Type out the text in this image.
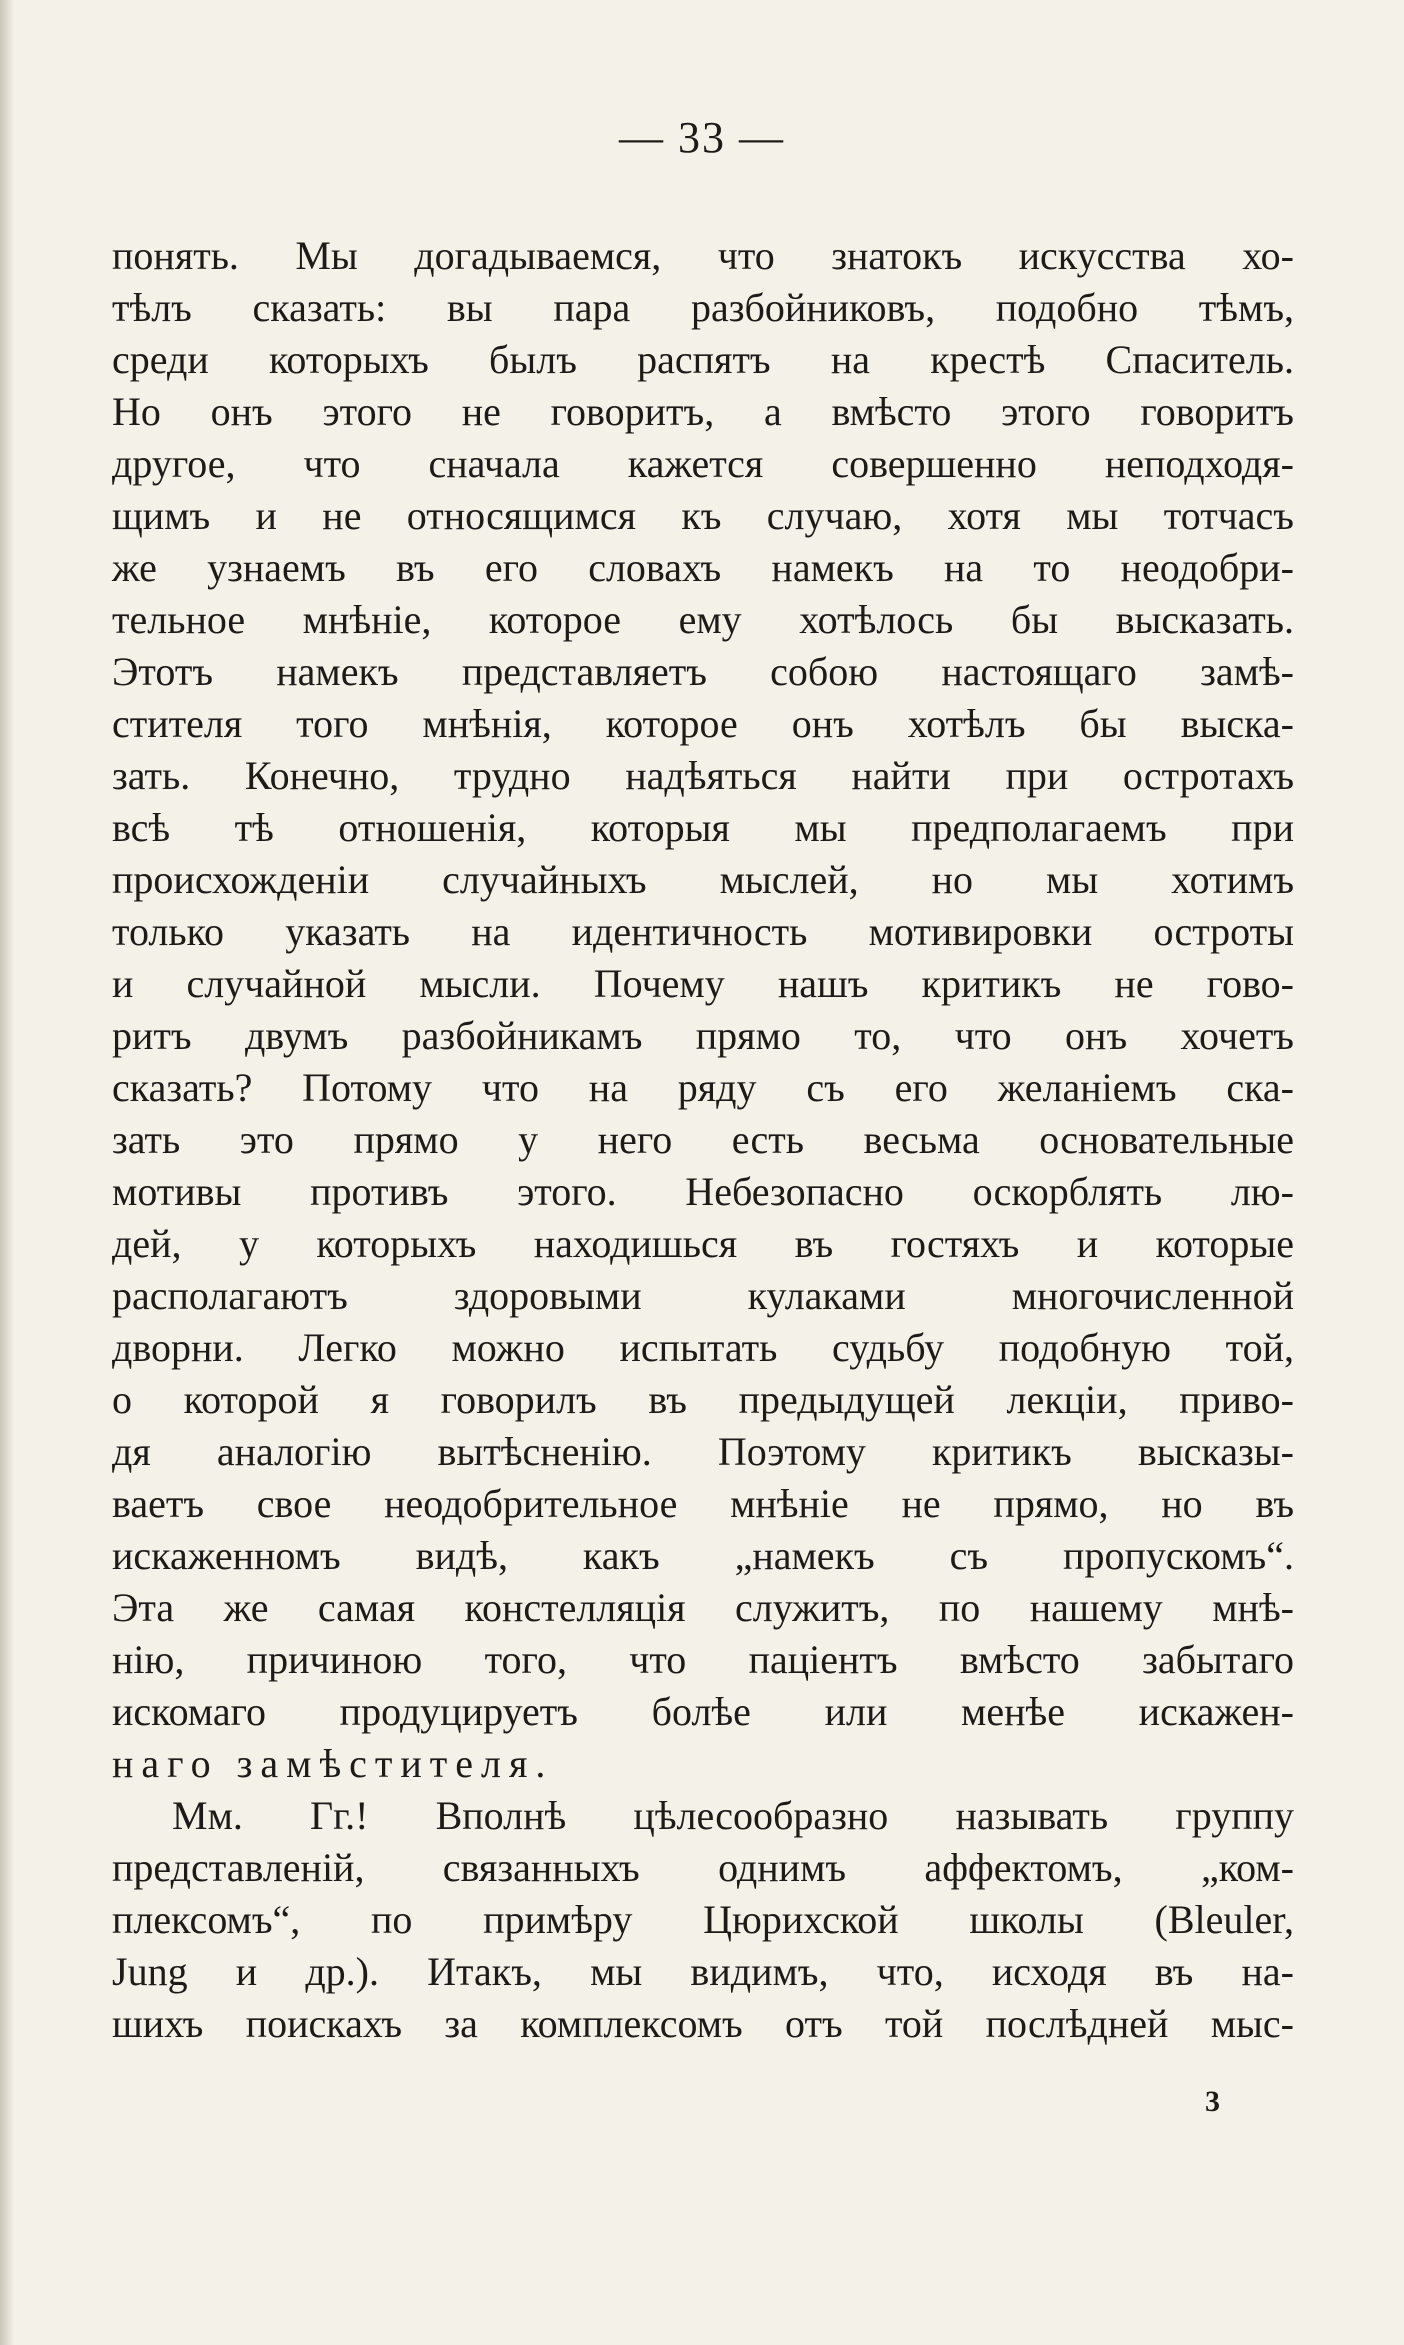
— 33 —
понять. Мы догадываемся, что знатокъ искусства хо-
тѣлъ сказать: вы пара разбойниковъ, подобно тѣмъ,
среди которыхъ былъ распятъ на крестѣ Спаситель.
Но онъ этого не говоритъ, а вмѣсто этого говоритъ
другое, что сначала кажется совершенно неподходя-
щимъ и не относящимся къ случаю, хотя мы тотчасъ
же узнаемъ въ его словахъ намекъ на то неодобри-
тельное мнѣніе, которое ему хотѣлось бы высказать.
Этотъ намекъ представляетъ собою настоящаго замѣ-
стителя того мнѣнія, которое онъ хотѣлъ бы выска-
зать. Конечно, трудно надѣяться найти при остротахъ
всѣ тѣ отношенія, которыя мы предполагаемъ при
происхожденіи случайныхъ мыслей, но мы хотимъ
только указать на идентичность мотивировки остроты
и случайной мысли. Почему нашъ критикъ не гово-
ритъ двумъ разбойникамъ прямо то, что онъ хочетъ
сказать? Потому что на ряду съ его желаніемъ ска-
зать это прямо у него есть весьма основательные
мотивы противъ этого. Небезопасно оскорблять лю-
дей, у которыхъ находишься въ гостяхъ и которые
располагаютъ здоровыми кулаками многочисленной
дворни. Легко можно испытать судьбу подобную той,
о которой я говорилъ въ предыдущей лекціи, приво-
дя аналогію вытѣсненію. Поэтому критикъ высказы-
ваетъ свое неодобрительное мнѣніе не прямо, но въ
искаженномъ видѣ, какъ „намекъ съ пропускомъ“.
Эта же самая констелляція служитъ, по нашему мнѣ-
нію, причиною того, что паціентъ вмѣсто забытаго
искомаго продуцируетъ болѣе или менѣе искажен-
наго замѣстителя.
Мм. Гг.! Вполнѣ цѣлесообразно называть группу
представленій, связанныхъ однимъ аффектомъ, „ком-
плексомъ“, по примѣру Цюрихской школы (Bleuler,
Jung и др.). Итакъ, мы видимъ, что, исходя въ на-
шихъ поискахъ за комплексомъ отъ той послѣдней мыс-
3
